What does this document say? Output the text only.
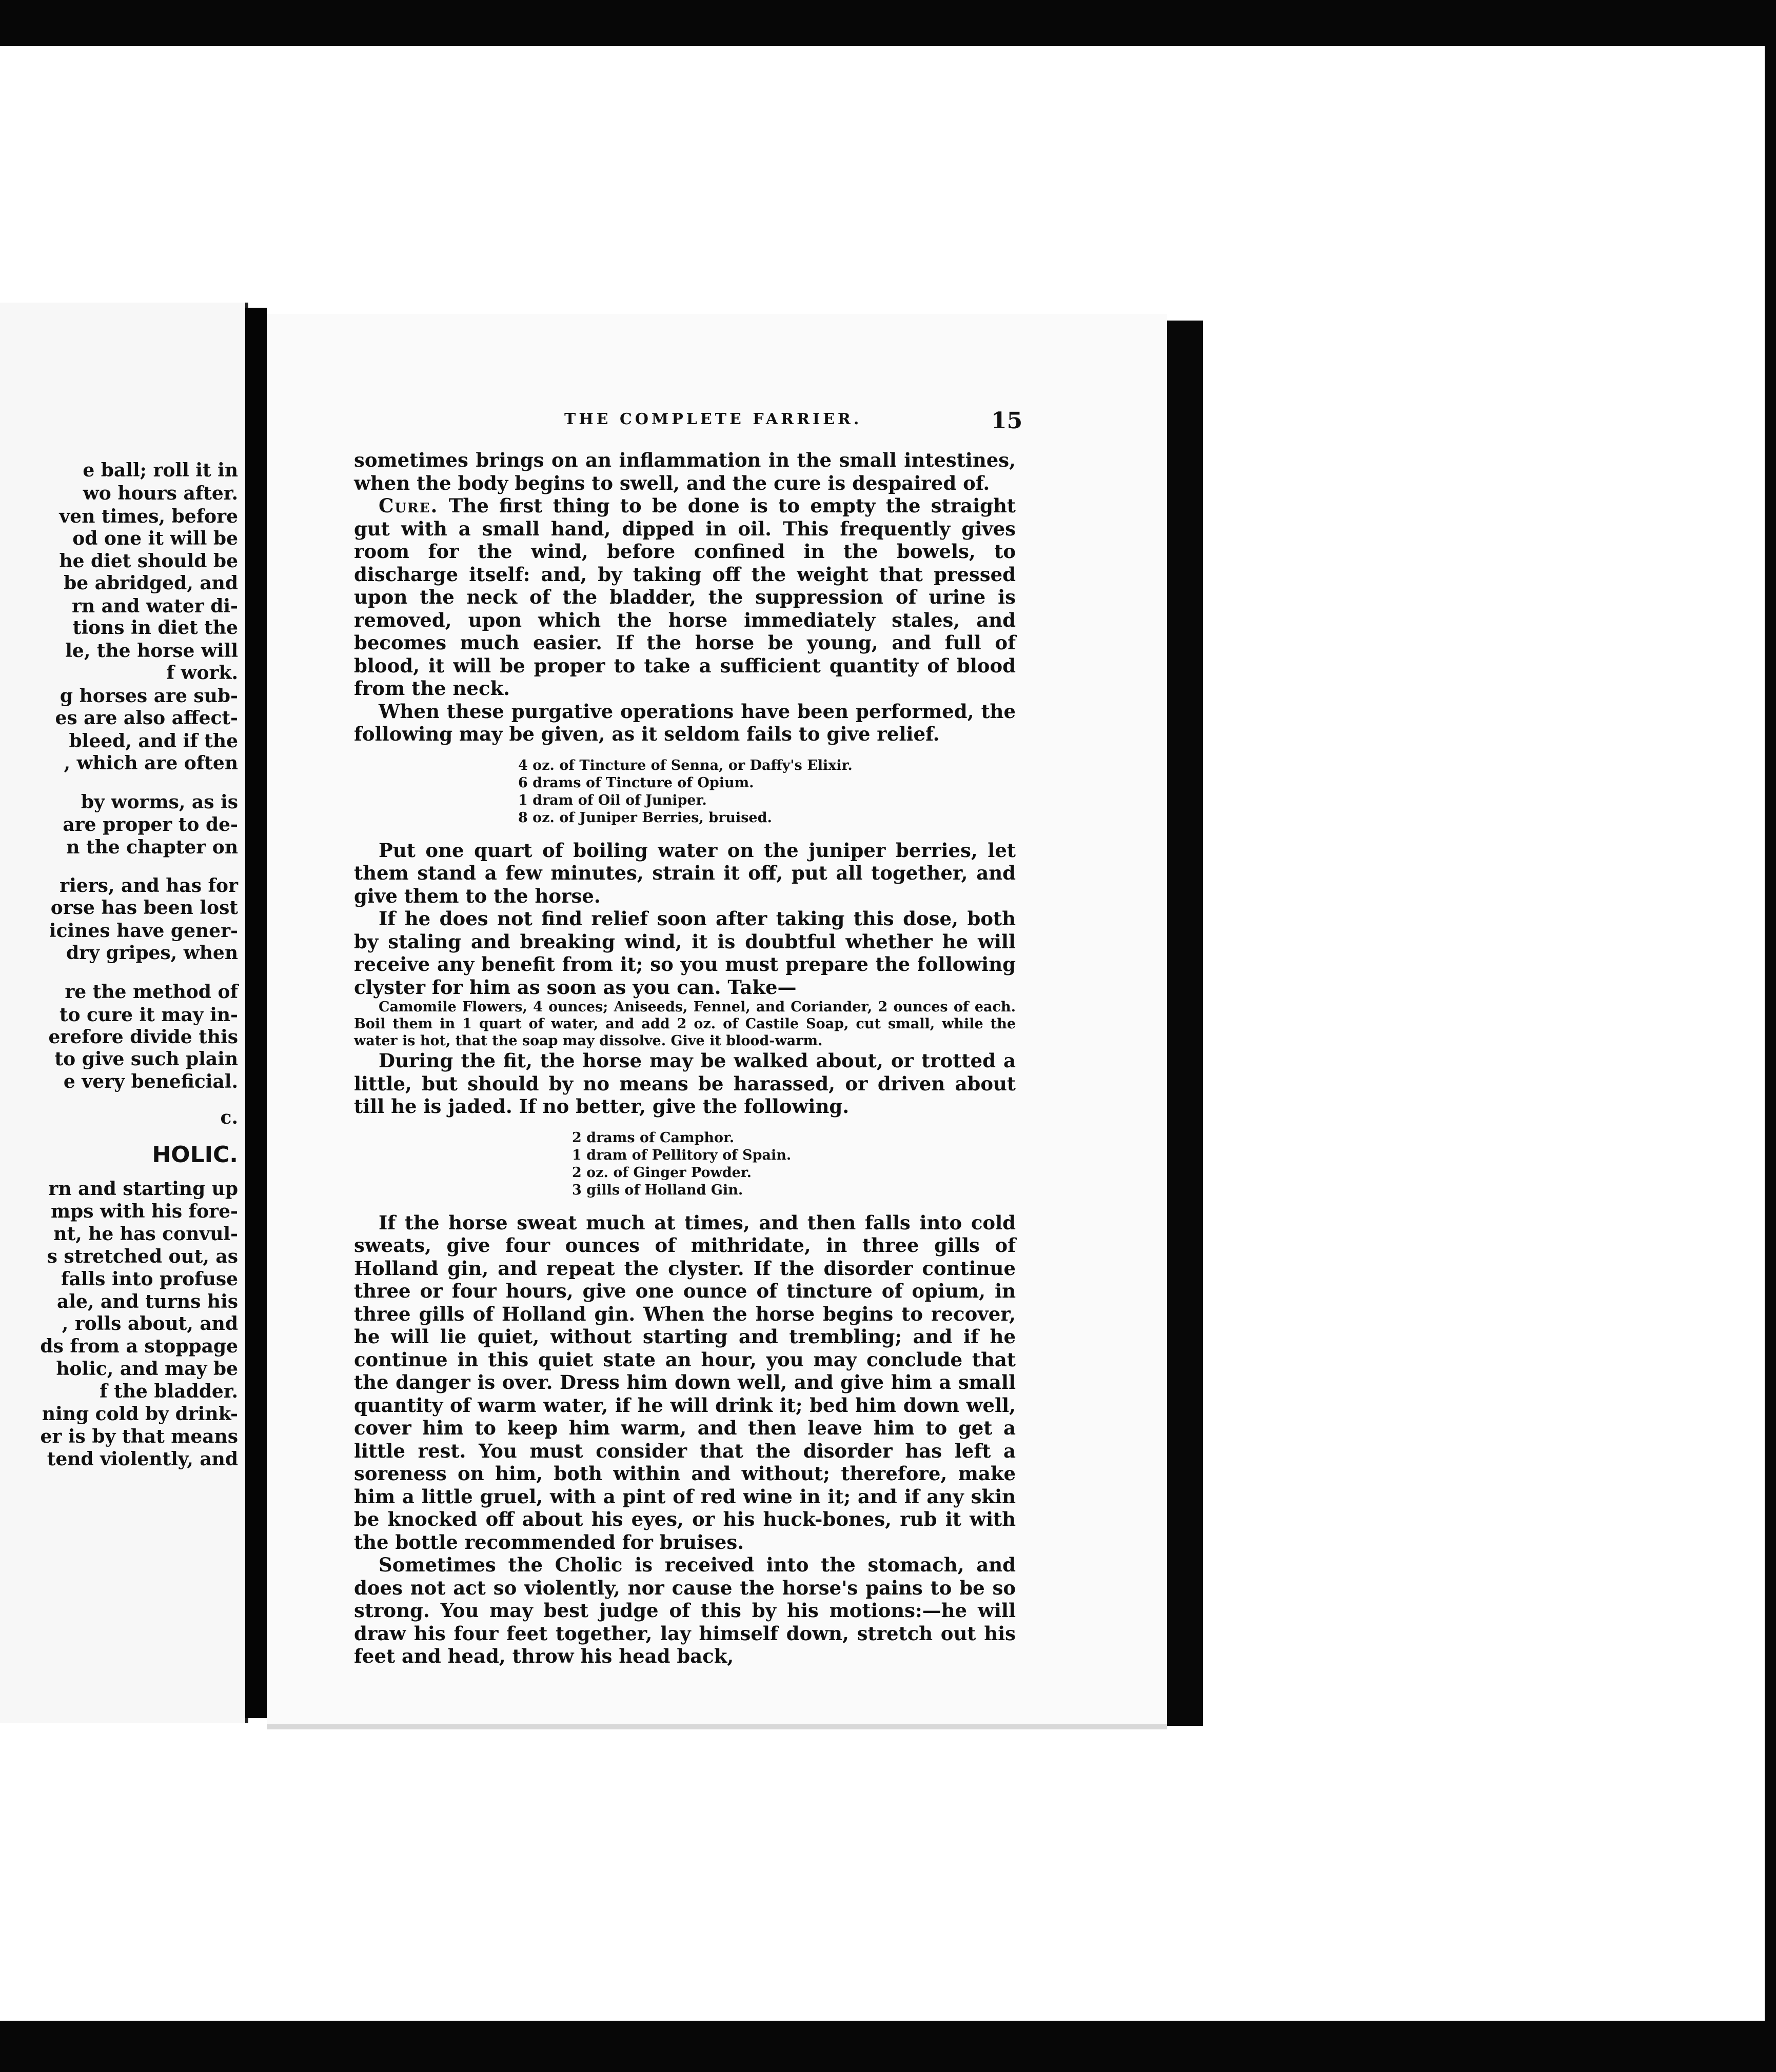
e ball; roll it in
wo hours after.
ven times, before
od one it will be
he diet should be
be abridged, and
rn and water di-
tions in diet the
le, the horse will
f work.
g horses are sub-
es are also affect-
bleed, and if the
, which are often
by worms, as is
are proper to de-
n the chapter on
riers, and has for
orse has been lost
icines have gener-
dry gripes, when
re the method of
to cure it may in-
erefore divide this
to give such plain
e very beneficial.
c.
HOLIC.
rn and starting up
mps with his fore-
nt, he has convul-
s stretched out, as
falls into profuse
ale, and turns his
, rolls about, and
ds from a stoppage
holic, and may be
f the bladder.
ning cold by drink-
er is by that means
tend violently, and
THE COMPLETE FARRIER.	15

sometimes brings on an inflammation in the small intestines, when the body begins to swell, and the cure is despaired of.

Cure. The first thing to be done is to empty the straight gut with a small hand, dipped in oil. This frequently gives room for the wind, before confined in the bowels, to discharge itself: and, by taking off the weight that pressed upon the neck of the bladder, the suppression of urine is removed, upon which the horse immediately stales, and becomes much easier. If the horse be young, and full of blood, it will be proper to take a sufficient quantity of blood from the neck.

When these purgative operations have been performed, the following may be given, as it seldom fails to give relief.

4 oz. of Tincture of Senna, or Daffy's Elixir.
6 drams of Tincture of Opium.
1 dram of Oil of Juniper.
8 oz. of Juniper Berries, bruised.

Put one quart of boiling water on the juniper berries, let them stand a few minutes, strain it off, put all together, and give them to the horse.

If he does not find relief soon after taking this dose, both by staling and breaking wind, it is doubtful whether he will receive any benefit from it; so you must prepare the following clyster for him as soon as you can. Take—

Camomile Flowers, 4 ounces; Aniseeds, Fennel, and Coriander, 2 ounces of each. Boil them in 1 quart of water, and add 2 oz. of Castile Soap, cut small, while the water is hot, that the soap may dissolve. Give it blood-warm.

During the fit, the horse may be walked about, or trotted a little, but should by no means be harassed, or driven about till he is jaded. If no better, give the following.

2 drams of Camphor.
1 dram of Pellitory of Spain.
2 oz. of Ginger Powder.
3 gills of Holland Gin.

If the horse sweat much at times, and then falls into cold sweats, give four ounces of mithridate, in three gills of Holland gin, and repeat the clyster. If the disorder continue three or four hours, give one ounce of tincture of opium, in three gills of Holland gin. When the horse begins to recover, he will lie quiet, without starting and trembling; and if he continue in this quiet state an hour, you may conclude that the danger is over. Dress him down well, and give him a small quantity of warm water, if he will drink it; bed him down well, cover him to keep him warm, and then leave him to get a little rest. You must consider that the disorder has left a soreness on him, both within and without; therefore, make him a little gruel, with a pint of red wine in it; and if any skin be knocked off about his eyes, or his huck-bones, rub it with the bottle recommended for bruises.

Sometimes the Cholic is received into the stomach, and does not act so violently, nor cause the horse's pains to be so strong. You may best judge of this by his motions:—he will draw his four feet together, lay himself down, stretch out his feet and head, throw his head back,
